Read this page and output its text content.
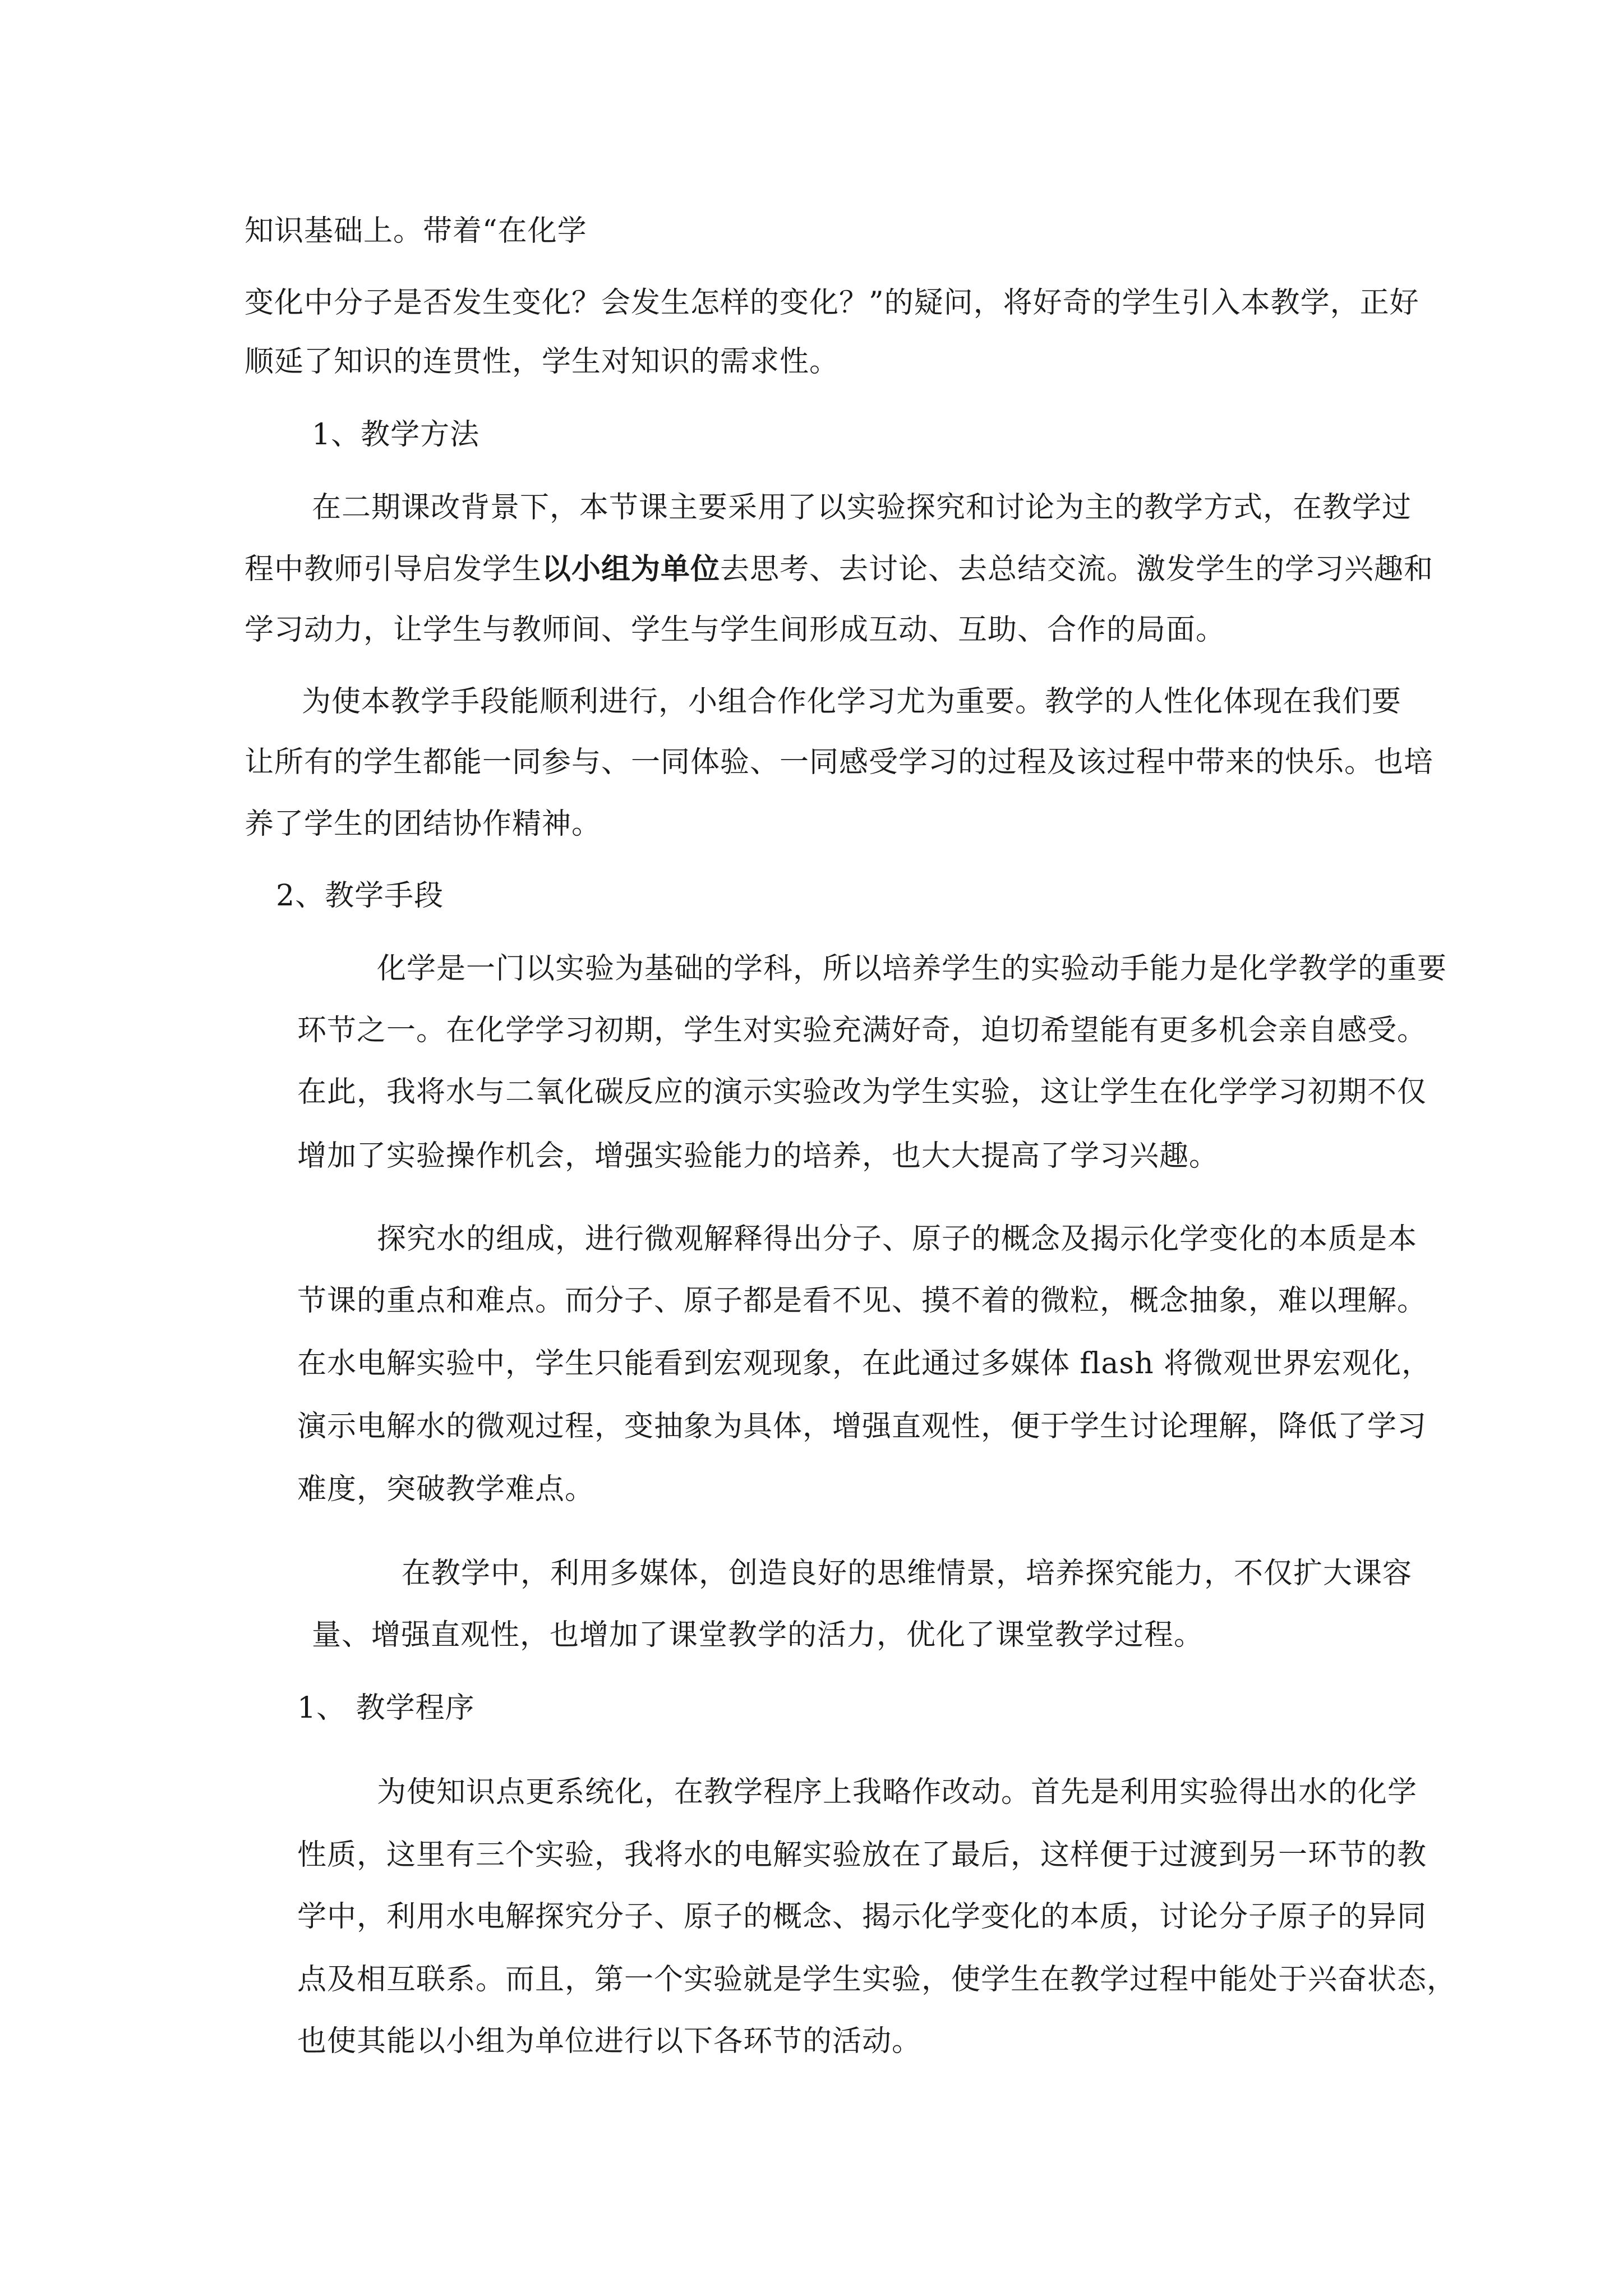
知识基础上。带着“在化学
变化中分子是否发生变化？会发生怎样的变化？”的疑问，将好奇的学生引入本教学，正好
顺延了知识的连贯性，学生对知识的需求性。
1、教学方法
在二期课改背景下，本节课主要采用了以实验探究和讨论为主的教学方式，在教学过
程中教师引导启发学生以小组为单位去思考、去讨论、去总结交流。激发学生的学习兴趣和
学习动力，让学生与教师间、学生与学生间形成互动、互助、合作的局面。
为使本教学手段能顺利进行，小组合作化学习尤为重要。教学的人性化体现在我们要
让所有的学生都能一同参与、一同体验、一同感受学习的过程及该过程中带来的快乐。也培
养了学生的团结协作精神。
2、教学手段
化学是一门以实验为基础的学科，所以培养学生的实验动手能力是化学教学的重要
环节之一。在化学学习初期，学生对实验充满好奇，迫切希望能有更多机会亲自感受。
在此，我将水与二氧化碳反应的演示实验改为学生实验，这让学生在化学学习初期不仅
增加了实验操作机会，增强实验能力的培养，也大大提高了学习兴趣。
探究水的组成，进行微观解释得出分子、原子的概念及揭示化学变化的本质是本
节课的重点和难点。而分子、原子都是看不见、摸不着的微粒，概念抽象，难以理解。
在水电解实验中，学生只能看到宏观现象，在此通过多媒体 flash 将微观世界宏观化，
演示电解水的微观过程，变抽象为具体，增强直观性，便于学生讨论理解，降低了学习
难度，突破教学难点。
在教学中，利用多媒体，创造良好的思维情景，培养探究能力，不仅扩大课容
量、增强直观性，也增加了课堂教学的活力，优化了课堂教学过程。
1、 教学程序
为使知识点更系统化，在教学程序上我略作改动。首先是利用实验得出水的化学
性质，这里有三个实验，我将水的电解实验放在了最后，这样便于过渡到另一环节的教
学中，利用水电解探究分子、原子的概念、揭示化学变化的本质，讨论分子原子的异同
点及相互联系。而且，第一个实验就是学生实验，使学生在教学过程中能处于兴奋状态，
也使其能以小组为单位进行以下各环节的活动。
